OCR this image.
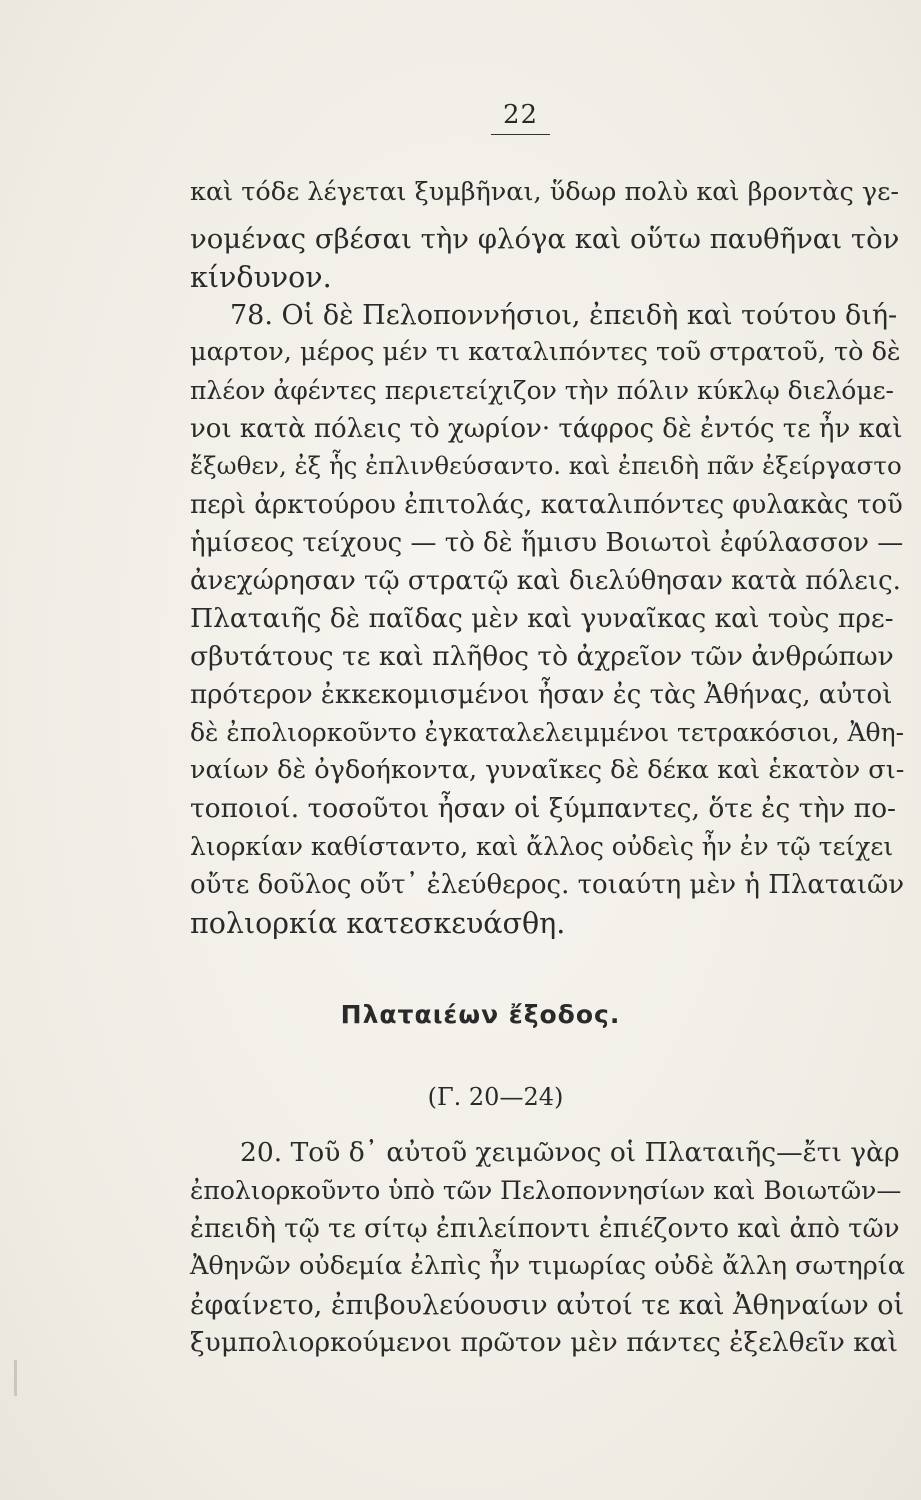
22
καὶ τόδε λέγεται ξυμβῆναι, ὕδωρ πολὺ καὶ βροντὰς γε-
νομένας σβέσαι τὴν φλόγα καὶ οὕτω παυθῆναι τὸν
κίνδυνον.
78. Οἱ δὲ Πελοποννήσιοι, ἐπειδὴ καὶ τούτου διή-
μαρτον, μέρος μέν τι καταλιπόντες τοῦ στρατοῦ, τὸ δὲ
πλέον ἀφέντες περιετείχιζον τὴν πόλιν κύκλῳ διελόμε-
νοι κατὰ πόλεις τὸ χωρίον· τάφρος δὲ ἐντός τε ἦν καὶ
ἔξωθεν, ἐξ ἧς ἐπλινθεύσαντο. καὶ ἐπειδὴ πᾶν ἐξείργαστο
περὶ ἀρκτούρου ἐπιτολάς, καταλιπόντες φυλακὰς τοῦ
ἡμίσεος τείχους — τὸ δὲ ἥμισυ Βοιωτοὶ ἐφύλασσον —
ἀνεχώρησαν τῷ στρατῷ καὶ διελύθησαν κατὰ πόλεις.
Πλαταιῆς δὲ παῖδας μὲν καὶ γυναῖκας καὶ τοὺς πρε-
σβυτάτους τε καὶ πλῆθος τὸ ἀχρεῖον τῶν ἀνθρώπων
πρότερον ἐκκεκομισμένοι ἦσαν ἐς τὰς Ἀθήνας, αὐτοὶ
δὲ ἐπολιορκοῦντο ἐγκαταλελειμμένοι τετρακόσιοι, Ἀθη-
ναίων δὲ ὀγδοήκοντα, γυναῖκες δὲ δέκα καὶ ἑκατὸν σι-
τοποιοί. τοσοῦτοι ἦσαν οἱ ξύμπαντες, ὅτε ἐς τὴν πο-
λιορκίαν καθίσταντο, καὶ ἄλλος οὐδεὶς ἦν ἐν τῷ τείχει
οὔτε δοῦλος οὔτ᾽ ἐλεύθερος. τοιαύτη μὲν ἡ Πλαταιῶν
πολιορκία κατεσκευάσθη.
Πλαταιέων ἔξοδος.
(Γ. 20—24)
20. Τοῦ δ᾽ αὐτοῦ χειμῶνος οἱ Πλαταιῆς—ἔτι γὰρ
ἐπολιορκοῦντο ὑπὸ τῶν Πελοποννησίων καὶ Βοιωτῶν—
ἐπειδὴ τῷ τε σίτῳ ἐπιλείποντι ἐπιέζοντο καὶ ἀπὸ τῶν
Ἀθηνῶν οὐδεμία ἐλπὶς ἦν τιμωρίας οὐδὲ ἄλλη σωτηρία
ἐφαίνετο, ἐπιβουλεύουσιν αὐτοί τε καὶ Ἀθηναίων οἱ
ξυμπολιορκούμενοι πρῶτον μὲν πάντες ἐξελθεῖν καὶ
